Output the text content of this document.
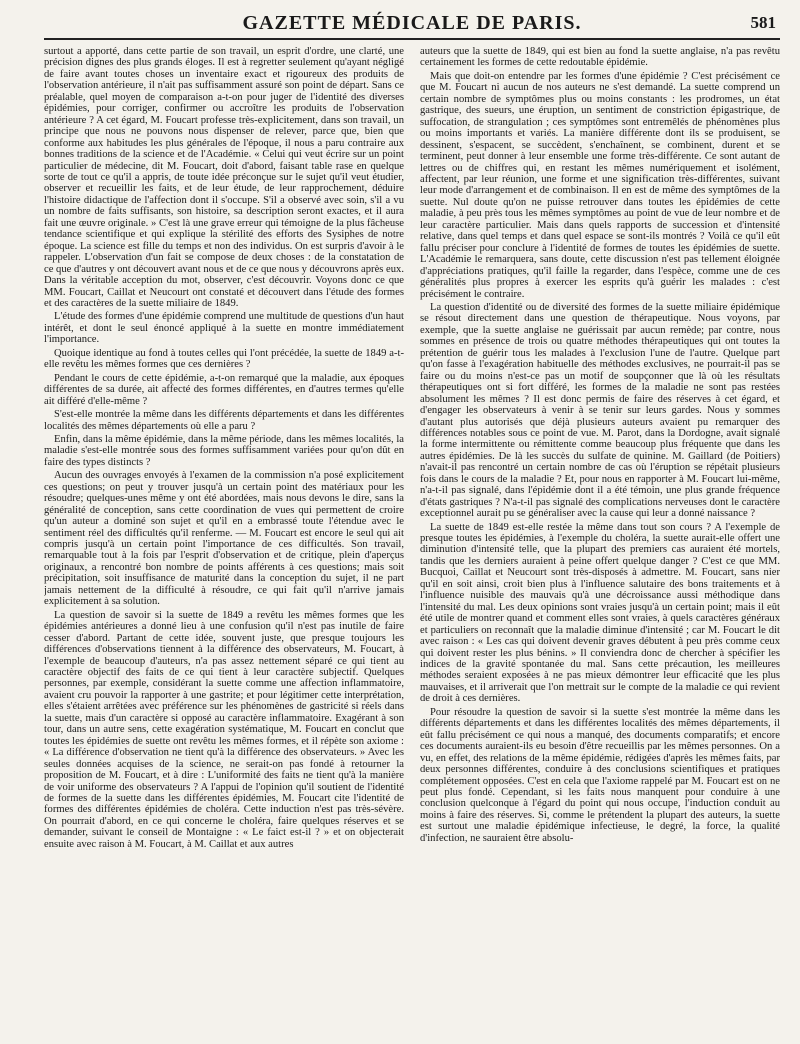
GAZETTE MÉDICALE DE PARIS.	581

surtout a apporté, dans cette partie de son travail, un esprit d'ordre, une clarté, une précision dignes des plus grands éloges. Il est à regretter seulement qu'ayant négligé de faire avant toutes choses un inventaire exact et rigoureux des produits de l'observation antérieure, il n'ait pas suffisamment assuré son point de départ. Sans ce préalable, quel moyen de comparaison a-t-on pour juger de l'identité des diverses épidémies, pour corriger, confirmer ou accroître les produits de l'observation antérieure ? A cet égard, M. Foucart professe très-explicitement, dans son travail, un principe que nous ne pouvons nous dispenser de relever, parce que, bien que conforme aux habitudes les plus générales de l'époque, il nous a paru contraire aux bonnes traditions de la science et de l'Académie. « Celui qui veut écrire sur un point particulier de médecine, dit M. Foucart, doit d'abord, faisant table rase en quelque sorte de tout ce qu'il a appris, de toute idée préconçue sur le sujet qu'il veut étudier, observer et recueillir les faits, et de leur étude, de leur rapprochement, déduire l'histoire didactique de l'affection dont il s'occupe. S'il a observé avec soin, s'il a vu un nombre de faits suffisants, son histoire, sa description seront exactes, et il aura fait une œuvre originale. » C'est là une grave erreur qui témoigne de la plus fâcheuse tendance scientifique et qui explique la stérilité des efforts des Sysiphes de notre époque. La science est fille du temps et non des individus. On est surpris d'avoir à le rappeler. L'observation d'un fait se compose de deux choses : de la constatation de ce que d'autres y ont découvert avant nous et de ce que nous y découvrons après eux. Dans la véritable acception du mot, observer, c'est découvrir. Voyons donc ce que MM. Foucart, Caillat et Neucourt ont constaté et découvert dans l'étude des formes et des caractères de la suette miliaire de 1849.

L'étude des formes d'une épidémie comprend une multitude de questions d'un haut intérêt, et dont le seul énoncé appliqué à la suette en montre immédiatement l'importance.

Quoique identique au fond à toutes celles qui l'ont précédée, la suette de 1849 a-t-elle revêtu les mêmes formes que ces dernières ?

Pendant le cours de cette épidémie, a-t-on remarqué que la maladie, aux époques différentes de sa durée, ait affecté des formes différentes, en d'autres termes qu'elle ait différé d'elle-même ?

S'est-elle montrée la même dans les différents départements et dans les différentes localités des mêmes départements où elle a paru ?

Enfin, dans la même épidémie, dans la même période, dans les mêmes localités, la maladie s'est-elle montrée sous des formes suffisamment variées pour qu'on dût en faire des types distincts ?

Aucun des ouvrages envoyés à l'examen de la commission n'a posé explicitement ces questions; on peut y trouver jusqu'à un certain point des matériaux pour les résoudre; quelques-unes même y ont été abordées, mais nous devons le dire, sans la généralité de conception, sans cette coordination de vues qui permettent de croire qu'un auteur a dominé son sujet et qu'il en a embrassé toute l'étendue avec le sentiment réel des difficultés qu'il renferme. — M. Foucart est encore le seul qui ait compris jusqu'à un certain point l'importance de ces difficultés. Son travail, remarquable tout à la fois par l'esprit d'observation et de critique, plein d'aperçus originaux, a rencontré bon nombre de points afférents à ces questions; mais soit précipitation, soit insuffisance de maturité dans la conception du sujet, il ne part jamais nettement de la difficulté à résoudre, ce qui fait qu'il n'arrive jamais explicitement à sa solution.

La question de savoir si la suette de 1849 a revêtu les mêmes formes que les épidémies antérieures a donné lieu à une confusion qu'il n'est pas inutile de faire cesser d'abord. Partant de cette idée, souvent juste, que presque toujours les différences d'observations tiennent à la différence des observateurs, M. Foucart, à l'exemple de beaucoup d'auteurs, n'a pas assez nettement séparé ce qui tient au caractère objectif des faits de ce qui tient à leur caractère subjectif. Quelques personnes, par exemple, considérant la suette comme une affection inflammatoire, avaient cru pouvoir la rapporter à une gastrite; et pour légitimer cette interprétation, elles s'étaient arrêtées avec préférence sur les phénomènes de gastricité si réels dans la suette, mais d'un caractère si opposé au caractère inflammatoire. Exagérant à son tour, dans un autre sens, cette exagération systématique, M. Foucart en conclut que toutes les épidémies de suette ont revêtu les mêmes formes, et il répète son axiome : « La différence d'observation ne tient qu'à la différence des observateurs. » Avec les seules données acquises de la science, ne serait-on pas fondé à retourner la proposition de M. Foucart, et à dire : L'uniformité des faits ne tient qu'à la manière de voir uniforme des observateurs ? A l'appui de l'opinion qu'il soutient de l'identité de formes de la suette dans les différentes épidémies, M. Foucart cite l'identité de formes des différentes épidémies de choléra. Cette induction n'est pas très-sévère. On pourrait d'abord, en ce qui concerne le choléra, faire quelques réserves et se demander, suivant le conseil de Montaigne : « Le faict est-il ? » et on objecterait ensuite avec raison à M. Foucart, à M. Caillat et aux autres

auteurs que la suette de 1849, qui est bien au fond la suette anglaise, n'a pas revêtu certainement les formes de cette redoutable épidémie.

Mais que doit-on entendre par les formes d'une épidémie ? C'est précisément ce que M. Foucart ni aucun de nos auteurs ne s'est demandé. La suette comprend un certain nombre de symptômes plus ou moins constants : les prodromes, un état gastrique, des sueurs, une éruption, un sentiment de constriction épigastrique, de suffocation, de strangulation ; ces symptômes sont entremêlés de phénomènes plus ou moins importants et variés. La manière différente dont ils se produisent, se dessinent, s'espacent, se succèdent, s'enchaînent, se combinent, durent et se terminent, peut donner à leur ensemble une forme très-différente. Ce sont autant de lettres ou de chiffres qui, en restant les mêmes numériquement et isolément, affectent, par leur réunion, une forme et une signification très-différentes, suivant leur mode d'arrangement et de combinaison. Il en est de même des symptômes de la suette. Nul doute qu'on ne puisse retrouver dans toutes les épidémies de cette maladie, à peu près tous les mêmes symptômes au point de vue de leur nombre et de leur caractère particulier. Mais dans quels rapports de succession et d'intensité relative, dans quel temps et dans quel espace se sont-ils montrés ? Voilà ce qu'il eût fallu préciser pour conclure à l'identité de formes de toutes les épidémies de suette. L'Académie le remarquera, sans doute, cette discussion n'est pas tellement éloignée d'appréciations pratiques, qu'il faille la regarder, dans l'espèce, comme une de ces généralités plus propres à exercer les esprits qu'à guérir les malades : c'est précisément le contraire.

La question d'identité ou de diversité des formes de la suette miliaire épidémique se résout directement dans une question de thérapeutique. Nous voyons, par exemple, que la suette anglaise ne guérissait par aucun remède; par contre, nous sommes en présence de trois ou quatre méthodes thérapeutiques qui ont toutes la prétention de guérir tous les malades à l'exclusion l'une de l'autre. Quelque part qu'on fasse à l'exagération habituelle des méthodes exclusives, ne pourrait-il pas se faire ou du moins n'est-ce pas un motif de soupçonner que là où les résultats thérapeutiques ont si fort différé, les formes de la maladie ne sont pas restées absolument les mêmes ? Il est donc permis de faire des réserves à cet égard, et d'engager les observateurs à venir à se tenir sur leurs gardes. Nous y sommes d'autant plus autorisés que déjà plusieurs auteurs avaient pu remarquer des différences notables sous ce point de vue. M. Parot, dans la Dordogne, avait signalé la forme intermittente ou rémittente comme beaucoup plus fréquente que dans les autres épidémies. De là les succès du sulfate de quinine. M. Gaillard (de Poitiers) n'avait-il pas rencontré un certain nombre de cas où l'éruption se répétait plusieurs fois dans le cours de la maladie ? Et, pour nous en rapporter à M. Foucart lui-même, n'a-t-il pas signalé, dans l'épidémie dont il a été témoin, une plus grande fréquence d'états gastriques ? N'a-t-il pas signalé des complications nerveuses dont le caractère exceptionnel aurait pu se généraliser avec la cause qui leur a donné naissance ?

La suette de 1849 est-elle restée la même dans tout son cours ? A l'exemple de presque toutes les épidémies, à l'exemple du choléra, la suette aurait-elle offert une diminution d'intensité telle, que la plupart des premiers cas auraient été mortels, tandis que les derniers auraient à peine offert quelque danger ? C'est ce que MM. Bucquoi, Caillat et Neucourt sont très-disposés à admettre. M. Foucart, sans nier qu'il en soit ainsi, croit bien plus à l'influence salutaire des bons traitements et à l'influence nuisible des mauvais qu'à une décroissance aussi méthodique dans l'intensité du mal. Les deux opinions sont vraies jusqu'à un certain point; mais il eût été utile de montrer quand et comment elles sont vraies, à quels caractères généraux et particuliers on reconnaît que la maladie diminue d'intensité ; car M. Foucart le dit avec raison : « Les cas qui doivent devenir graves débutent à peu près comme ceux qui doivent rester les plus bénins. » Il conviendra donc de chercher à spécifier les indices de la gravité spontanée du mal. Sans cette précaution, les meilleures méthodes seraient exposées à ne pas mieux démontrer leur efficacité que les plus mauvaises, et il arriverait que l'on mettrait sur le compte de la maladie ce qui revient de droit à ces dernières.

Pour résoudre la question de savoir si la suette s'est montrée la même dans les différents départements et dans les différentes localités des mêmes départements, il eût fallu précisément ce qui nous a manqué, des documents comparatifs; et encore ces documents auraient-ils eu besoin d'être recueillis par les mêmes personnes. On a vu, en effet, des relations de la même épidémie, rédigées d'après les mêmes faits, par deux personnes différentes, conduire à des conclusions scientifiques et pratiques complétement opposées. C'est en cela que l'axiome rappelé par M. Foucart est on ne peut plus fondé. Cependant, si les faits nous manquent pour conduire à une conclusion quelconque à l'égard du point qui nous occupe, l'induction conduit au moins à faire des réserves. Si, comme le prétendent la plupart des auteurs, la suette est surtout une maladie épidémique infectieuse, le degré, la force, la qualité d'infection, ne sauraient être absolu-
